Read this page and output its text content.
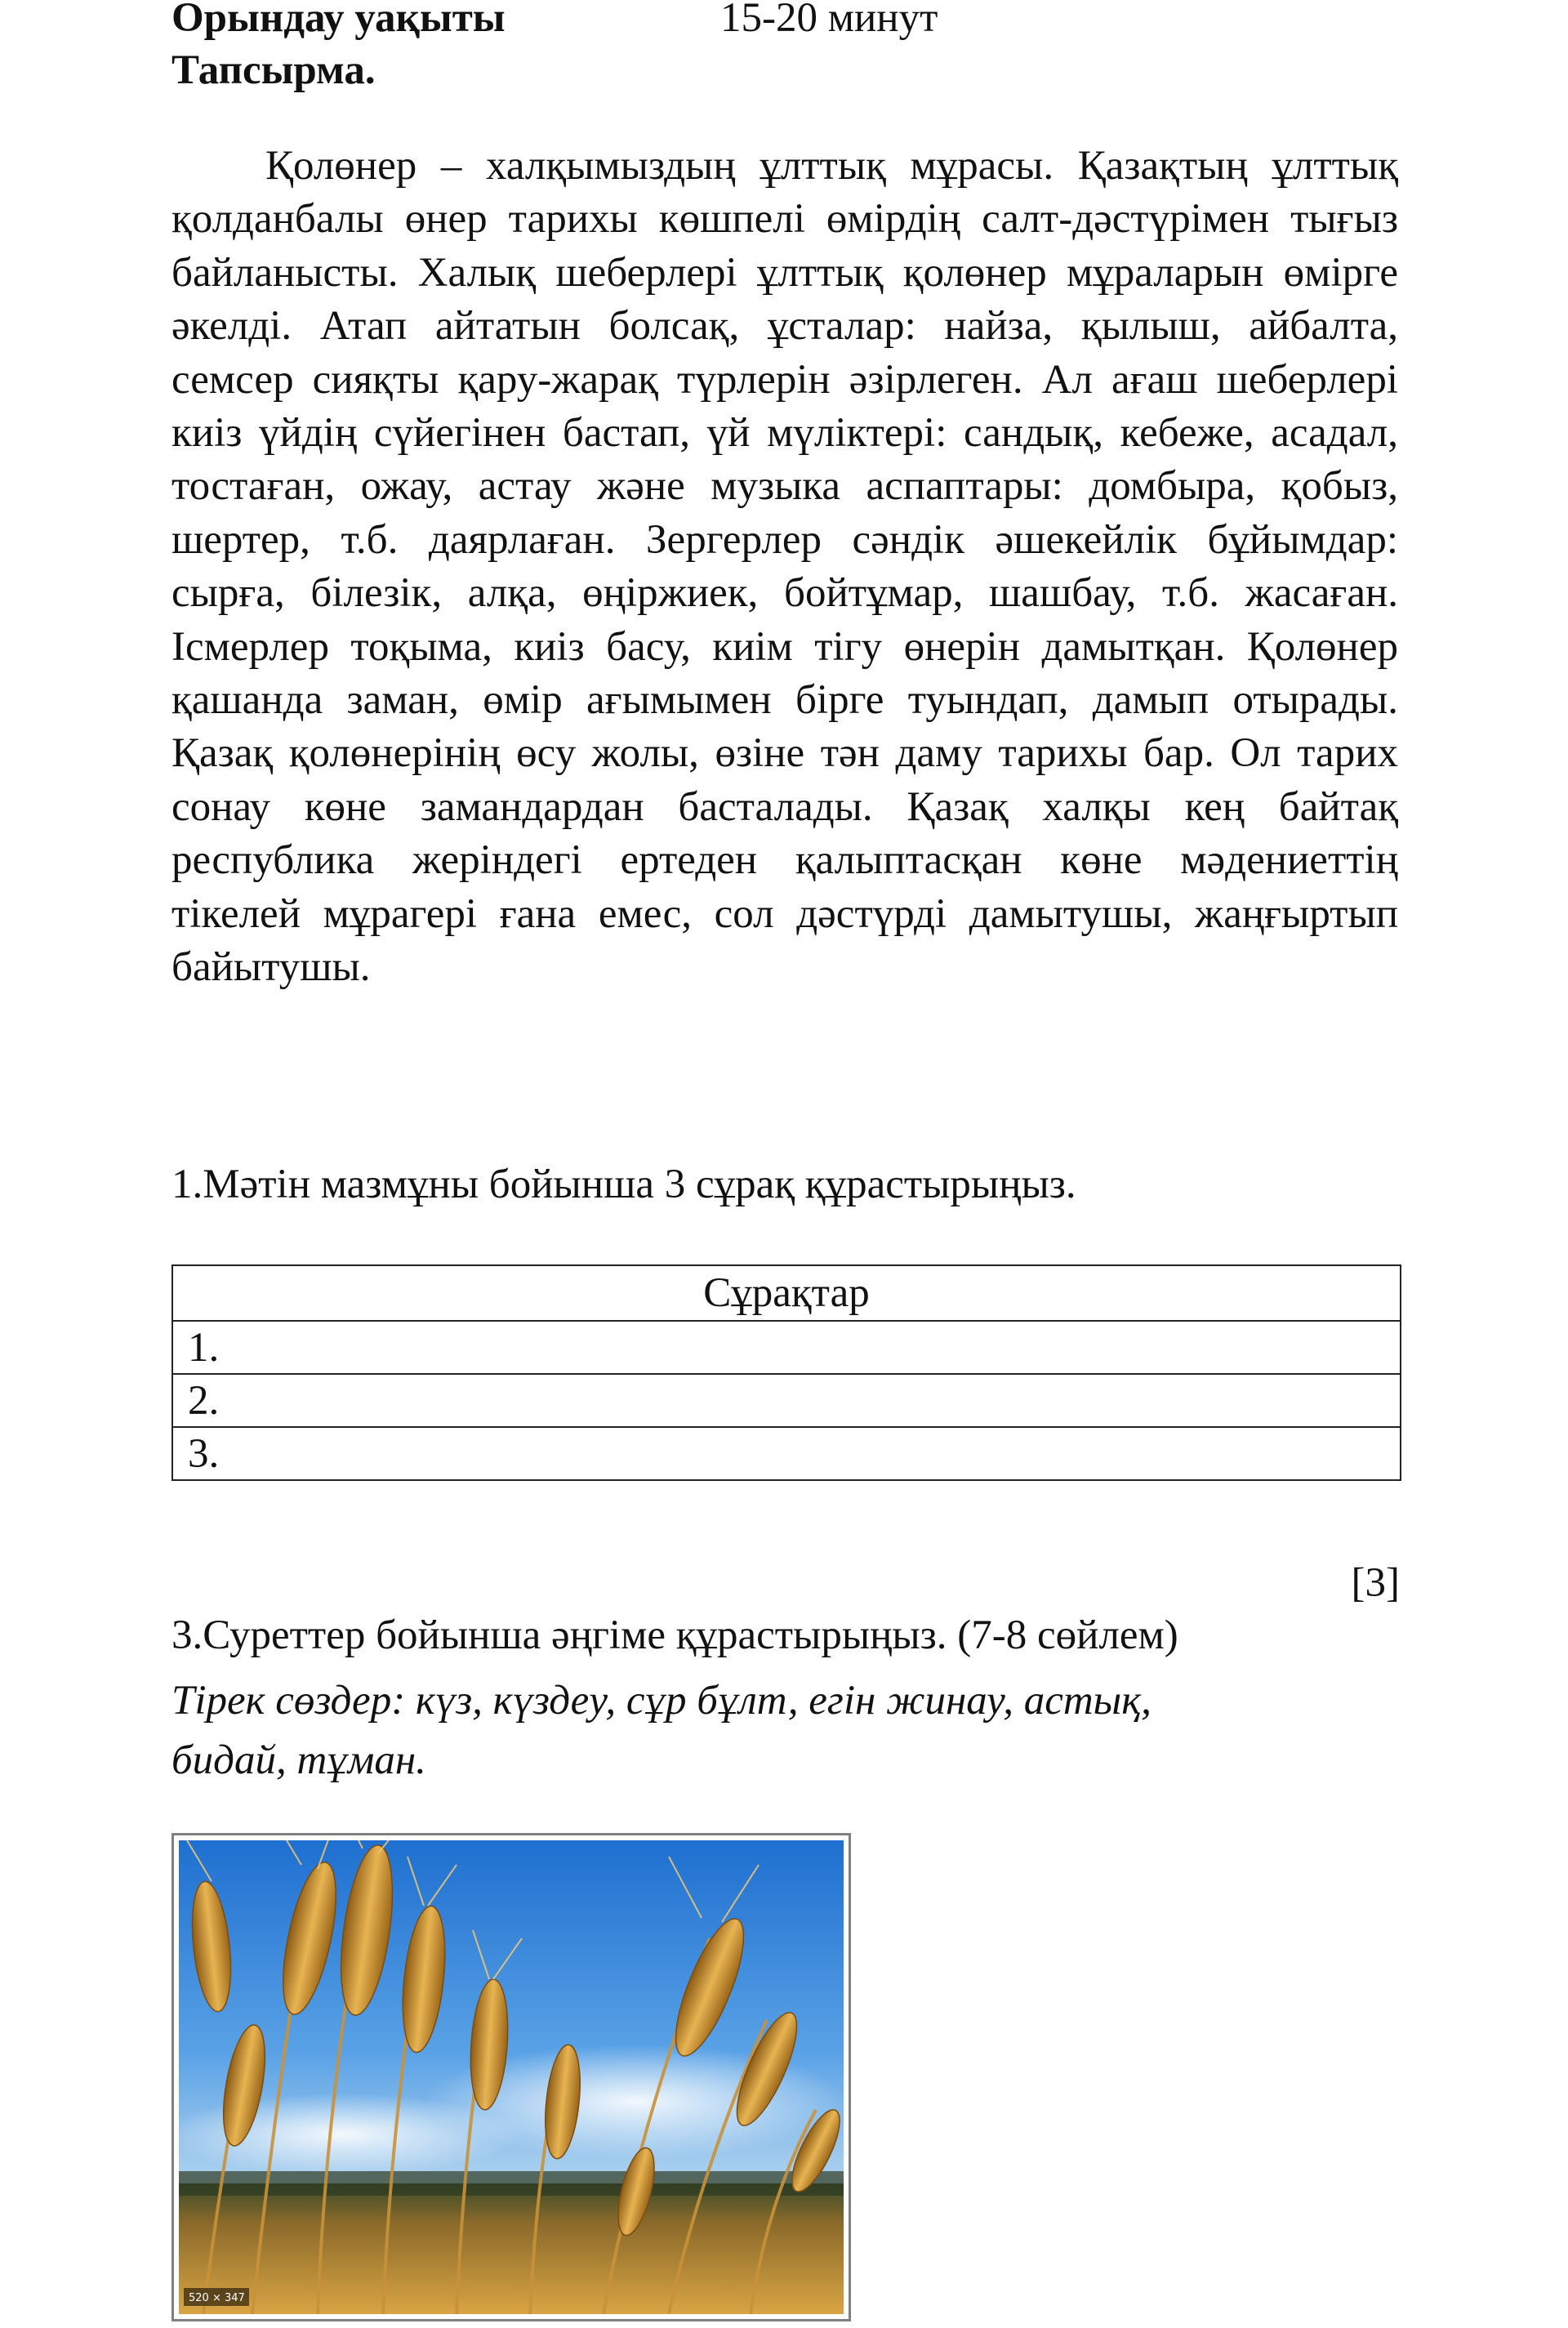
Орындау уақыты	15-20 минут
Тапсырма.

Қолөнер – халқымыздың ұлттық мұрасы. Қазақтың ұлттық қолданбалы өнер тарихы көшпелі өмірдің салт-дәстүрімен тығыз байланысты. Халық шеберлері ұлттық қолөнер мұраларын өмірге әкелді. Атап айтатын болсақ, ұсталар: найза, қылыш, айбалта, семсер сияқты қару-жарақ түрлерін әзірлеген. Ал ағаш шеберлері киіз үйдің сүйегінен бастап, үй мүліктері: сандық, кебеже, асадал, тостаған, ожау, астау және музыка аспаптары: домбыра, қобыз, шертер, т.б. даярлаған. Зергерлер сәндік әшекейлік бұйымдар: сырға, білезік, алқа, өңіржиек, бойтұмар, шашбау, т.б. жасаған. Ісмерлер тоқыма, киіз басу, киім тігу өнерін дамытқан. Қолөнер қашанда заман, өмір ағымымен бірге туындап, дамып отырады. Қазақ қолөнерінің өсу жолы, өзіне тән даму тарихы бар. Ол тарих сонау көне замандардан басталады. Қазақ халқы кең байтақ республика жеріндегі ертеден қалыптасқан көне мәдениеттің тікелей мұрагері ғана емес, сол дәстүрді дамытушы, жаңғыртып байытушы.

1.Мәтін мазмұны бойынша 3 сұрақ құрастырыңыз.
Сұрақтар
1.
2.
3.
[3]
3.Суреттер бойынша әңгіме құрастырыңыз. (7-8 сөйлем)
Тірек сөздер: күз, күздеу, сұр бұлт, егін жинау, астық,
бидай, тұман.
520 × 347
